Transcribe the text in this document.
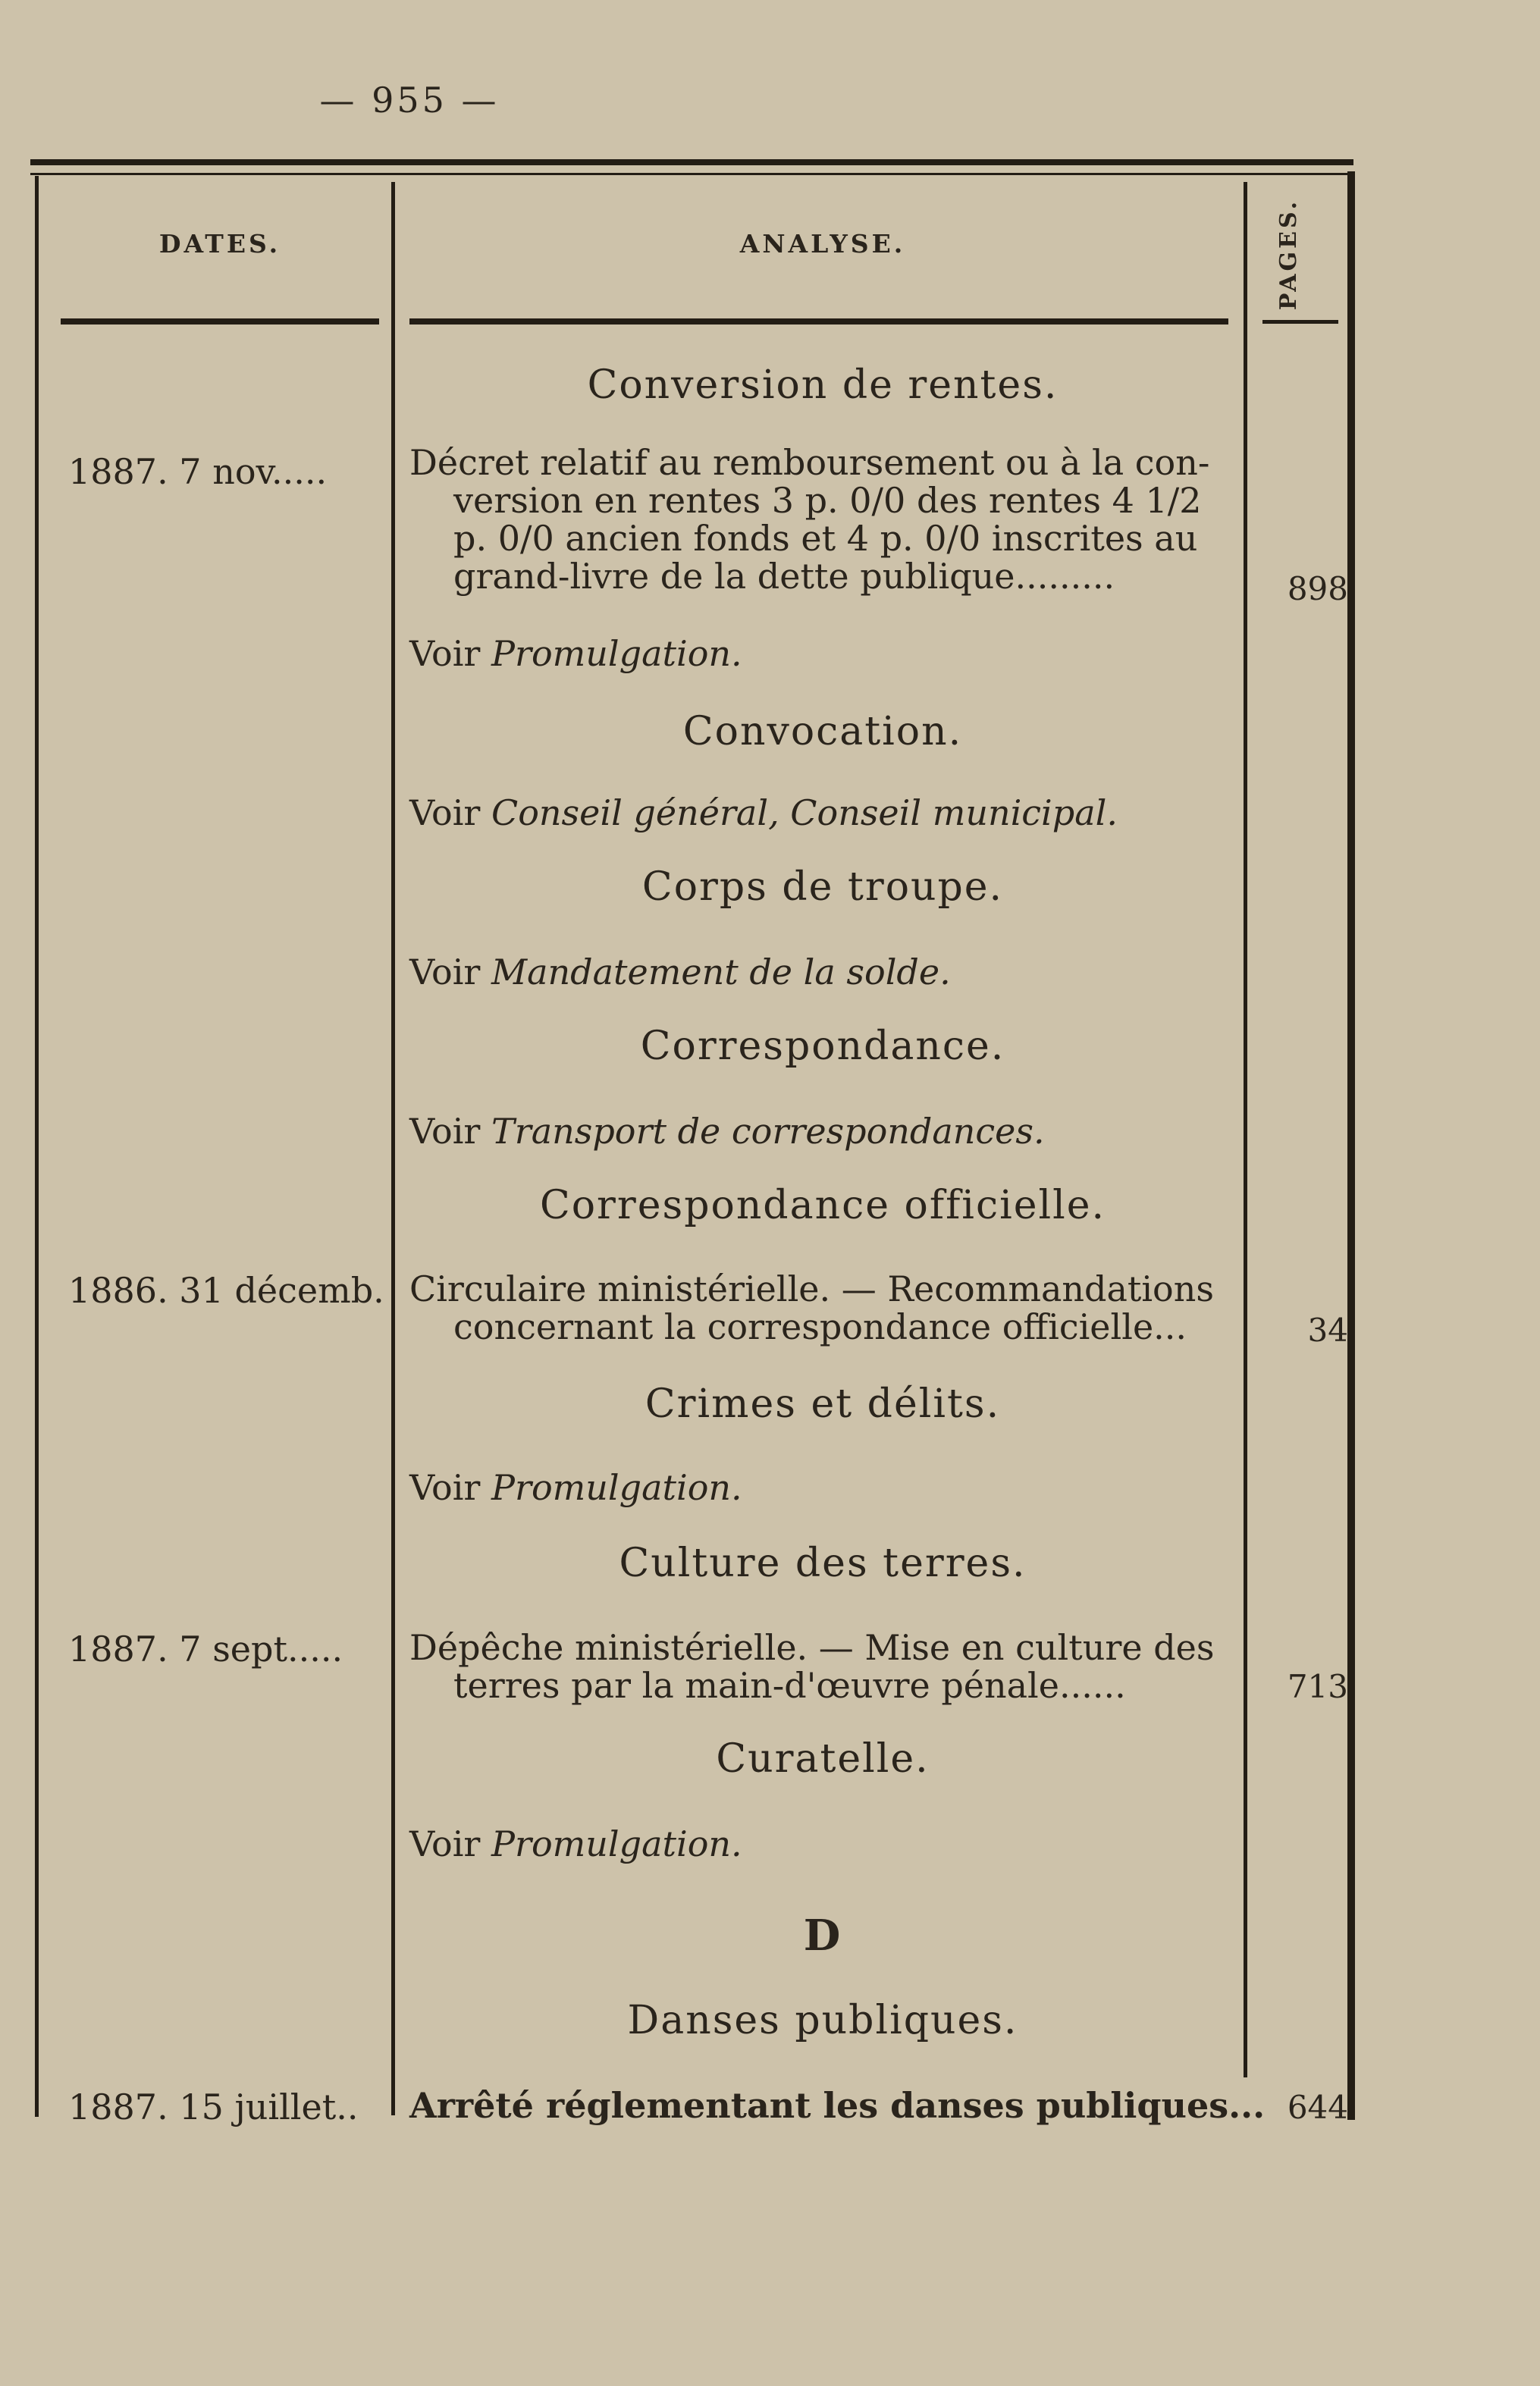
— 955 —
DATES.	ANALYSE.	PAGES.
Conversion de rentes.
1887. 7 nov.....	Décret relatif au remboursement ou à la con-
version en rentes 3 p. 0/0 des rentes 4 1/2
p. 0/0 ancien fonds et 4 p. 0/0 inscrites au
grand-livre de la dette publique.........	898
Voir Promulgation.
Convocation.
Voir Conseil général, Conseil municipal.
Corps de troupe.
Voir Mandatement de la solde.
Correspondance.
Voir Transport de correspondances.
Correspondance officielle.
1886. 31 décemb. Circulaire ministérielle. — Recommandations
concernant la correspondance officielle...	34
Crimes et délits.
Voir Promulgation.
Culture des terres.
1887. 7 sept.....	Dépêche ministérielle. — Mise en culture des
terres par la main-d'œuvre pénale......	713
Curatelle.
Voir Promulgation.
D
Danses publiques.
1887. 15 juillet..	Arrêté réglementant les danses publiques... 644
